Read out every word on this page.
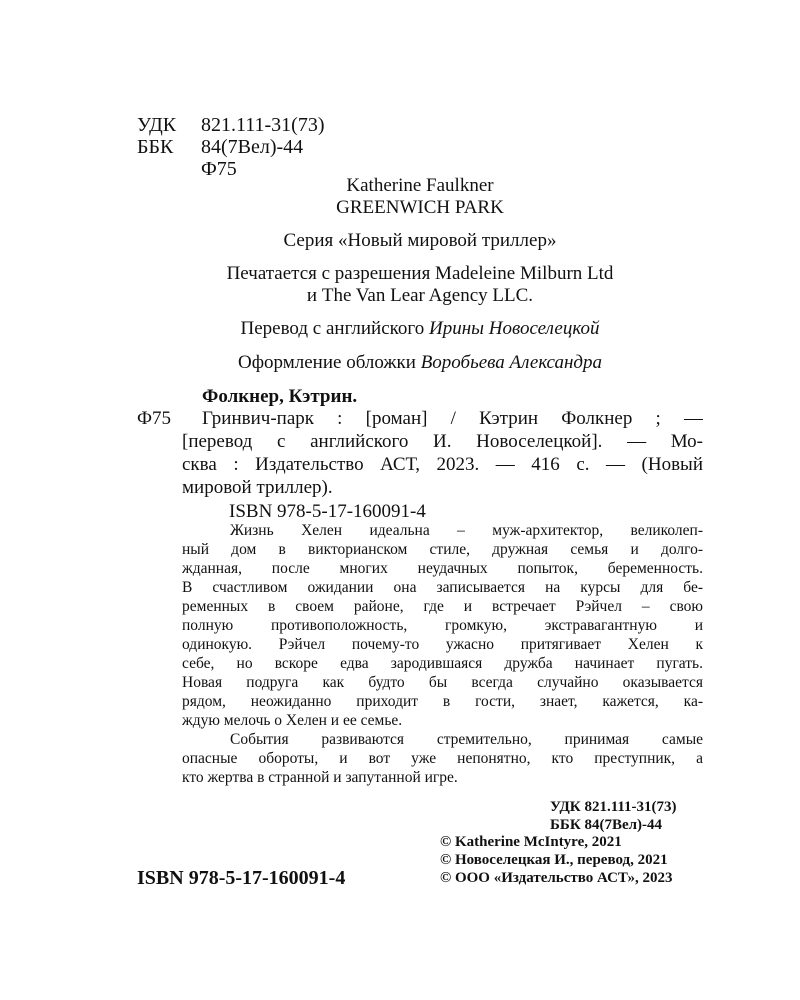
УДК 821.111-31(73)
ББК 84(7Вел)-44
Ф75
Katherine Faulkner
GREENWICH PARK
Серия «Новый мировой триллер»
Печатается с разрешения Madeleine Milburn Ltd
и The Van Lear Agency LLC.
Перевод с английского Ирины Новоселецкой
Оформление обложки Воробьева Александра
Фолкнер, Кэтрин.
Ф75 Гринвич-парк : [роман] / Кэтрин Фолкнер ; —
[перевод с английского И. Новоселецкой]. — Мо-
сква : Издательство АСТ, 2023. — 416 с. — (Новый
мировой триллер).
ISBN 978-5-17-160091-4
Жизнь Хелен идеальна – муж-архитектор, великолеп-
ный дом в викторианском стиле, дружная семья и долго-
жданная, после многих неудачных попыток, беременность.
В счастливом ожидании она записывается на курсы для бе-
ременных в своем районе, где и встречает Рэйчел – свою
полную противоположность, громкую, экстравагантную и
одинокую. Рэйчел почему-то ужасно притягивает Хелен к
себе, но вскоре едва зародившаяся дружба начинает пугать.
Новая подруга как будто бы всегда случайно оказывается
рядом, неожиданно приходит в гости, знает, кажется, ка-
ждую мелочь о Хелен и ее семье.
События развиваются стремительно, принимая самые
опасные обороты, и вот уже непонятно, кто преступник, а
кто жертва в странной и запутанной игре.
УДК 821.111-31(73)
ББК 84(7Вел)-44
© Katherine McIntyre, 2021
© Новоселецкая И., перевод, 2021
© ООО «Издательство АСТ», 2023
ISBN 978-5-17-160091-4
